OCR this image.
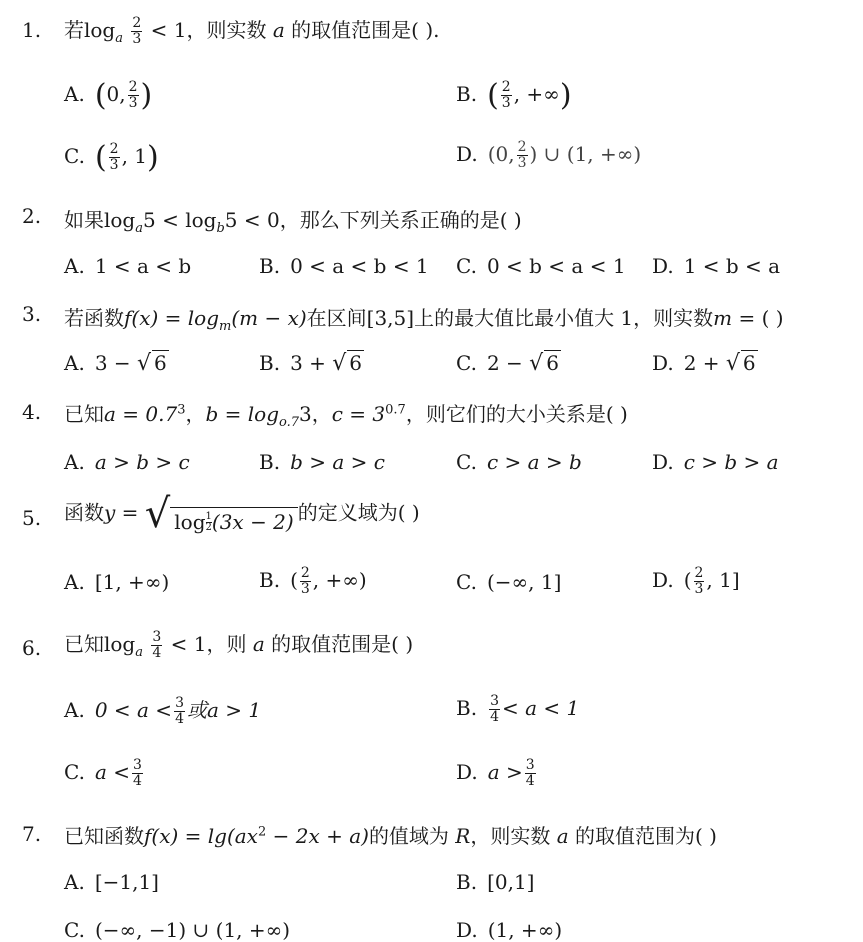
1. 若$\log_a \frac{2}{3} < 1$，则实数 a 的取值范围是( ).
A. (0, $\frac{2}{3}$ )	B. ( $\frac{2}{3}$ , +∞)
C. ( $\frac{2}{3}$ , 1)	D. (0, $\frac{2}{3}$ ) ∪ (1, +∞)
2. 如果$\log_a5 < \log_b5 < 0$，那么下列关系正确的是( )
A. 1 < a < b	B. 0 < a < b < 1 C. 0 < b < a < 1 D. 1 < b < a
3. 若函数$f(x) = \log_m(m - x)$在区间[3,5]上的最大值比最小值大 1，则实数m = ( )
A. 3 − √ 6	B. 3 + √ 6	C. 2 − √ 6	D. 2 + √ 6
4. 已知$a = 0.7^3$，$b = \log_{o.7}3$，$c = 3^{0.7}$，则它们的大小关系是( )
A. a > b > c	B. b > a > c	C. c > a > b	D. c > b > a
5. 函数y = √ $\log \frac{1}{2} (3x - 2)$ 的定义域为( )
A. [1, +∞)	B. ( $\frac{2}{3}$ , +∞)	C. (−∞, 1]	D. ( $\frac{2}{3}$ , 1]
6. 已知$\log_a \frac{3}{4} < 1$，则 a 的取值范围是( )
A. $0 < a < \frac{3}{4}$ 或a > 1	B. $\frac{3}{4} < a < 1$
C. $a < \frac{3}{4}$	D. $a > \frac{3}{4}$
7. 已知函数$f(x) = \lg(ax^2 - 2x + a)$的值域为 R，则实数 a 的取值范围为( )
A. [−1,1]	B. [0,1]
C. (−∞, −1) ∪ (1, +∞)	D. (1, +∞)
